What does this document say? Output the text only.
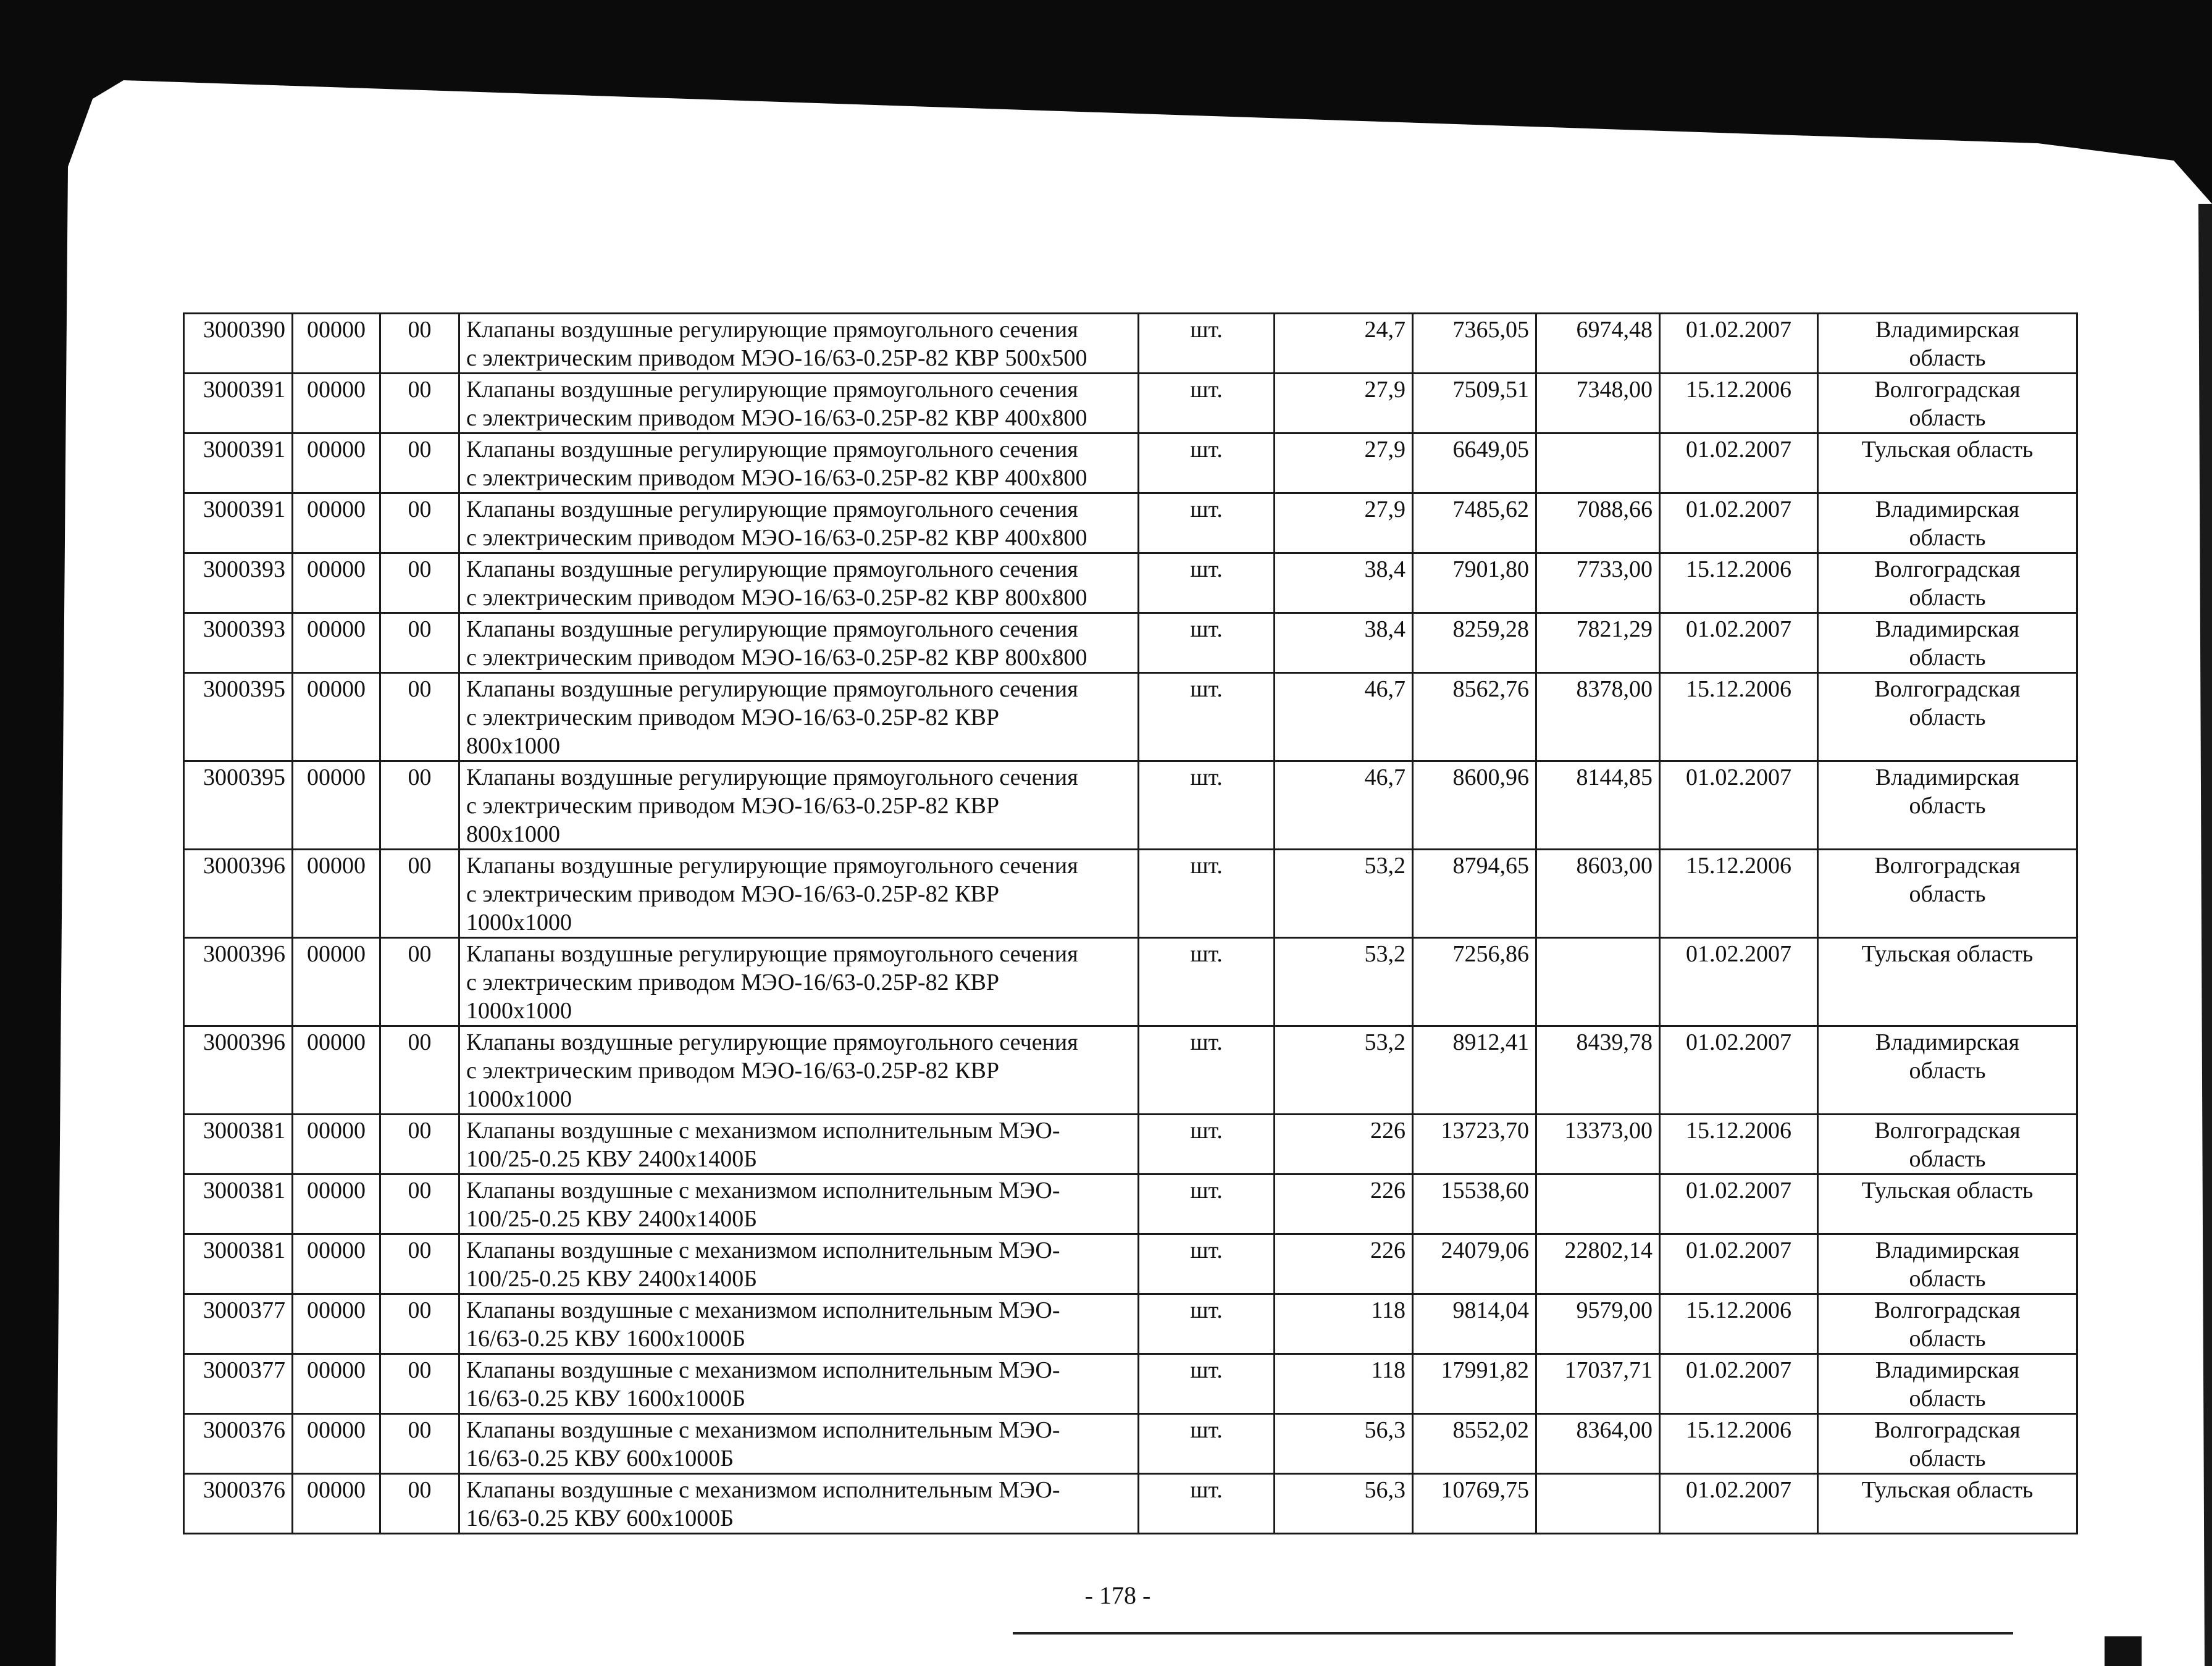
3000390	00000	00	Клапаны воздушные регулирующие прямоугольного сечения
с электрическим приводом МЭО-16/63-0.25Р-82 КВР 500х500	шт.	24,7	7365,05	6974,48	01.02.2007	Владимирская
область
3000391	00000	00	Клапаны воздушные регулирующие прямоугольного сечения
с электрическим приводом МЭО-16/63-0.25Р-82 КВР 400х800	шт.	27,9	7509,51	7348,00	15.12.2006	Волгоградская
область
3000391	00000	00	Клапаны воздушные регулирующие прямоугольного сечения
с электрическим приводом МЭО-16/63-0.25Р-82 КВР 400х800	шт.	27,9	6649,05		01.02.2007	Тульская область
3000391	00000	00	Клапаны воздушные регулирующие прямоугольного сечения
с электрическим приводом МЭО-16/63-0.25Р-82 КВР 400х800	шт.	27,9	7485,62	7088,66	01.02.2007	Владимирская
область
3000393	00000	00	Клапаны воздушные регулирующие прямоугольного сечения
с электрическим приводом МЭО-16/63-0.25Р-82 КВР 800х800	шт.	38,4	7901,80	7733,00	15.12.2006	Волгоградская
область
3000393	00000	00	Клапаны воздушные регулирующие прямоугольного сечения
с электрическим приводом МЭО-16/63-0.25Р-82 КВР 800х800	шт.	38,4	8259,28	7821,29	01.02.2007	Владимирская
область
3000395	00000	00	Клапаны воздушные регулирующие прямоугольного сечения
с электрическим приводом МЭО-16/63-0.25Р-82 КВР
800х1000	шт.	46,7	8562,76	8378,00	15.12.2006	Волгоградская
область
3000395	00000	00	Клапаны воздушные регулирующие прямоугольного сечения
с электрическим приводом МЭО-16/63-0.25Р-82 КВР
800х1000	шт.	46,7	8600,96	8144,85	01.02.2007	Владимирская
область
3000396	00000	00	Клапаны воздушные регулирующие прямоугольного сечения
с электрическим приводом МЭО-16/63-0.25Р-82 КВР
1000х1000	шт.	53,2	8794,65	8603,00	15.12.2006	Волгоградская
область
3000396	00000	00	Клапаны воздушные регулирующие прямоугольного сечения
с электрическим приводом МЭО-16/63-0.25Р-82 КВР
1000х1000	шт.	53,2	7256,86		01.02.2007	Тульская область
3000396	00000	00	Клапаны воздушные регулирующие прямоугольного сечения
с электрическим приводом МЭО-16/63-0.25Р-82 КВР
1000х1000	шт.	53,2	8912,41	8439,78	01.02.2007	Владимирская
область
3000381	00000	00	Клапаны воздушные с механизмом исполнительным МЭО-
100/25-0.25 КВУ 2400х1400Б	шт.	226	13723,70	13373,00	15.12.2006	Волгоградская
область
3000381	00000	00	Клапаны воздушные с механизмом исполнительным МЭО-
100/25-0.25 КВУ 2400х1400Б	шт.	226	15538,60		01.02.2007	Тульская область
3000381	00000	00	Клапаны воздушные с механизмом исполнительным МЭО-
100/25-0.25 КВУ 2400х1400Б	шт.	226	24079,06	22802,14	01.02.2007	Владимирская
область
3000377	00000	00	Клапаны воздушные с механизмом исполнительным МЭО-
16/63-0.25 КВУ 1600х1000Б	шт.	118	9814,04	9579,00	15.12.2006	Волгоградская
область
3000377	00000	00	Клапаны воздушные с механизмом исполнительным МЭО-
16/63-0.25 КВУ 1600х1000Б	шт.	118	17991,82	17037,71	01.02.2007	Владимирская
область
3000376	00000	00	Клапаны воздушные с механизмом исполнительным МЭО-
16/63-0.25 КВУ 600х1000Б	шт.	56,3	8552,02	8364,00	15.12.2006	Волгоградская
область
3000376	00000	00	Клапаны воздушные с механизмом исполнительным МЭО-
16/63-0.25 КВУ 600х1000Б	шт.	56,3	10769,75		01.02.2007	Тульская область
- 178 -
